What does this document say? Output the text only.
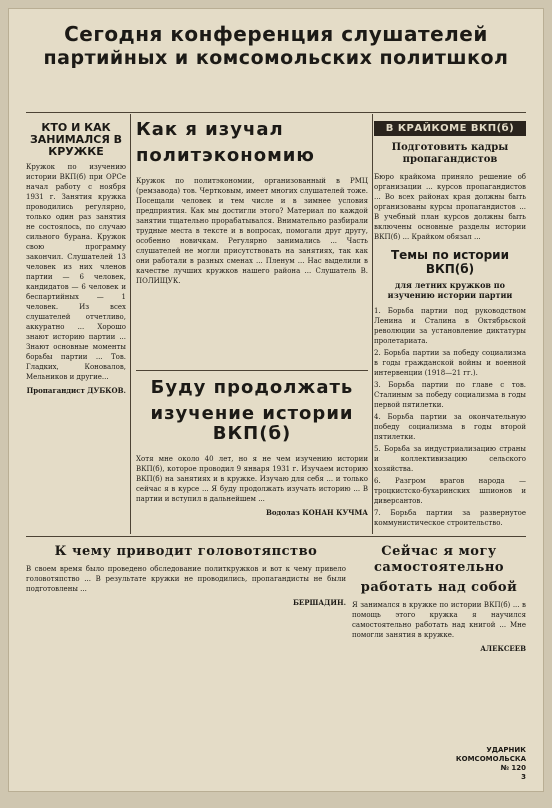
Сегодня конференция слушателей
партийных и комсомольских политшкол
КТО И КАК ЗАНИМАЛСЯ В КРУЖКЕ
Кружок по изучению истории ВКП(б) при ОРСе начал работу с ноября 1931 г. Занятия кружка проводились регулярно, только один раз занятия не состоялось, по случаю сильного бурана. Кружок свою программу закончил. Слушателей 13 человек из них членов партии — 6 человек, кандидатов — 6 человек и беспартийных — 1 человек. Из всех слушателей отчетливо, аккуратно ... Хорошо знают историю партии ... Знают основные моменты борьбы партии ... Тов. Гладких, Коновалов, Мельников и другие...
Пропагандист ДУБКОВ.
Как я изучал
политэкономию
Кружок по политэкономии, организованный в РМЦ (ремзавода) тов. Чертковым, имеет многих слушателей тоже. Посещали человек и тем числе и в зимнее условия предприятия. Как мы достигли этого? Материал по каждой занятии тщательно прорабатывался. Внимательно разбирали трудные места в тексте и в вопросах, помогали друг другу, особенно новичкам. Регулярно занимались ... Часть слушателей не могли присутствовать на занятиях, так как они работали в разных сменах ... Пленум ... Нас выделили в качестве лучших кружков нашего района ... Слушатель В. ПОЛИЩУК.
Буду продолжать
изучение истории ВКП(б)
Хотя мне около 40 лет, но я не чем изучению истории ВКП(б), которое проводил 9 января 1931 г. Изучаем историю ВКП(б) на занятиях и в кружке. Изучаю для себя ... и только сейчас я в курсе ... Я буду продолжать изучать историю ... В партии и вступил в дальнейшем ...
Водолаз КОНАН КУЧМА
В КРАЙКОМЕ ВКП(б)
Подготовить кадры пропагандистов
Бюро крайкома приняло решение об организации ... курсов пропагандистов ... Во всех районах края должны быть организованы курсы пропагандистов ... В учебный план курсов должны быть включены основные разделы истории ВКП(б) ... Крайком обязал ...
Темы по истории ВКП(б)
для летних кружков по изучению истории партии
1. Борьба партии под руководством Ленина и Сталина в Октябрьской революции за установление диктатуры пролетариата.
2. Борьба партии за победу социализма в годы гражданской войны и военной интервенции (1918—21 гг.).
3. Борьба партии по главе с тов. Сталиным за победу социализма в годы первой пятилетки.
4. Борьба партии за окончательную победу социализма в годы второй пятилетки.
5. Борьба за индустриализацию страны и коллективизацию сельского хозяйства.
6. Разгром врагов народа — троцкистско-бухаринских шпионов и диверсантов.
7. Борьба партии за развернутое коммунистическое строительство.
К чему приводит головотяпство
В своем время было проведено обследование политкружков и вот к чему привело головотяпство ... В результате кружки не проводились, пропагандисты не были подготовлены ...
БЕРШАДИН.
Сейчас я могу самостоятельно
работать над собой
Я занимался в кружке по истории ВКП(б) ... в помощь этого кружка я научился самостоятельно работать над книгой ... Мне помогли занятия в кружке.
АЛЕКСЕЕВ
УДАРНИК КОМСОМОЛЬСКА
№ 120
3
